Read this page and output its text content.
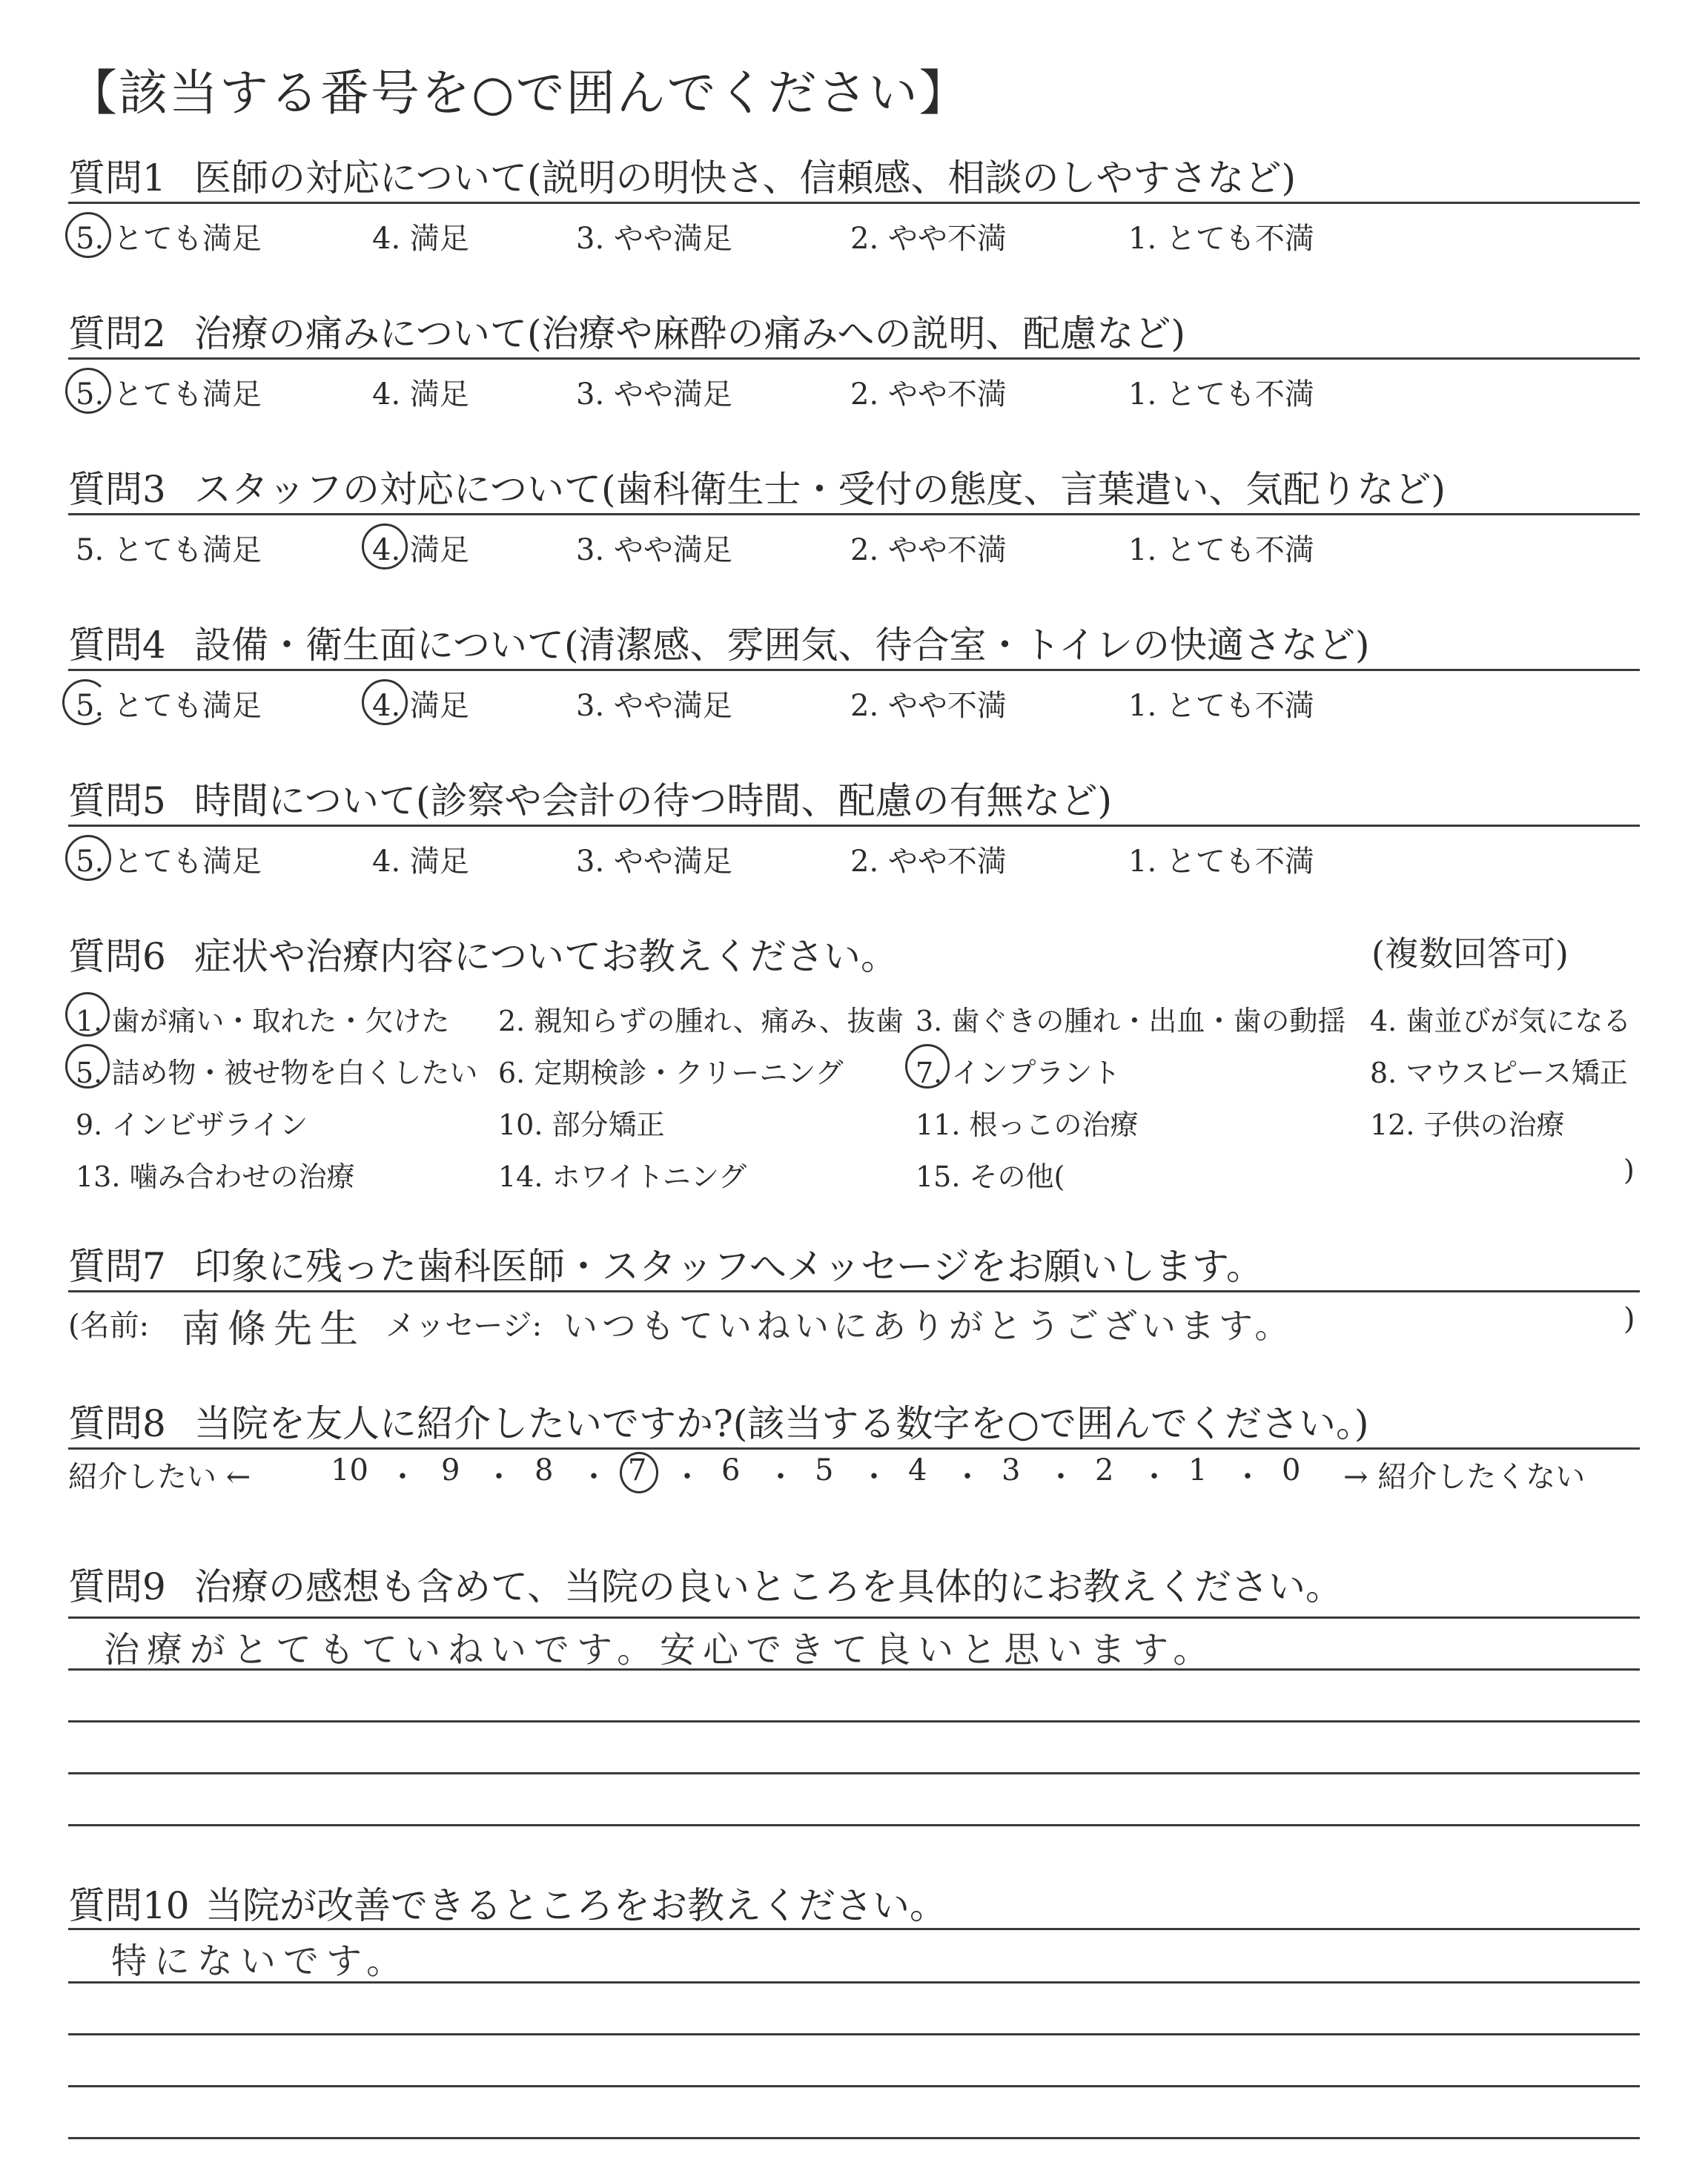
【該当する番号を○で囲んでください】
質問1 医師の対応について(説明の明快さ、信頼感、相談のしやすさなど)
5. とても満足	4. 満足	3. やや満足	2. やや不満	1. とても不満
質問2 治療の痛みについて(治療や麻酔の痛みへの説明、配慮など)
5. とても満足	4. 満足	3. やや満足	2. やや不満	1. とても不満
質問3 スタッフの対応について(歯科衛生士・受付の態度、言葉遣い、気配りなど)
5. とても満足	4. 満足	3. やや満足	2. やや不満	1. とても不満
質問4 設備・衛生面について(清潔感、雰囲気、待合室・トイレの快適さなど)
5. とても満足	4. 満足	3. やや満足	2. やや不満	1. とても不満
質問5 時間について(診察や会計の待つ時間、配慮の有無など)
5. とても満足	4. 満足	3. やや満足	2. やや不満	1. とても不満
質問6 症状や治療内容についてお教えください。	(複数回答可)
1. 歯が痛い・取れた・欠けた 2. 親知らずの腫れ、痛み、抜歯 3. 歯ぐきの腫れ・出血・歯の動揺 4. 歯並びが気になる
5. 詰め物・被せ物を白くしたい 6. 定期検診・クリーニング	7. インプラント	8. マウスピース矯正
9. インビザライン	10. 部分矯正	11. 根っこの治療	12. 子供の治療
13. 噛み合わせの治療	14. ホワイトニング	15. その他(	)
質問7 印象に残った歯科医師・スタッフへメッセージをお願いします。
(名前: 南條先生 メッセージ: いつもていねいにありがとうございます。	)
質問8 当院を友人に紹介したいですか?(該当する数字を○で囲んでください。)
紹介したい ←	10 ・ 9 ・ 8 ・ 7 ・ 6 ・ 5 ・ 4 ・ 3 ・ 2 ・ 1 ・ 0 → 紹介したくない
質問9 治療の感想も含めて、当院の良いところを具体的にお教えください。
治療がとてもていねいです。安心できて良いと思います。
質問10 当院が改善できるところをお教えください。
特にないです。
